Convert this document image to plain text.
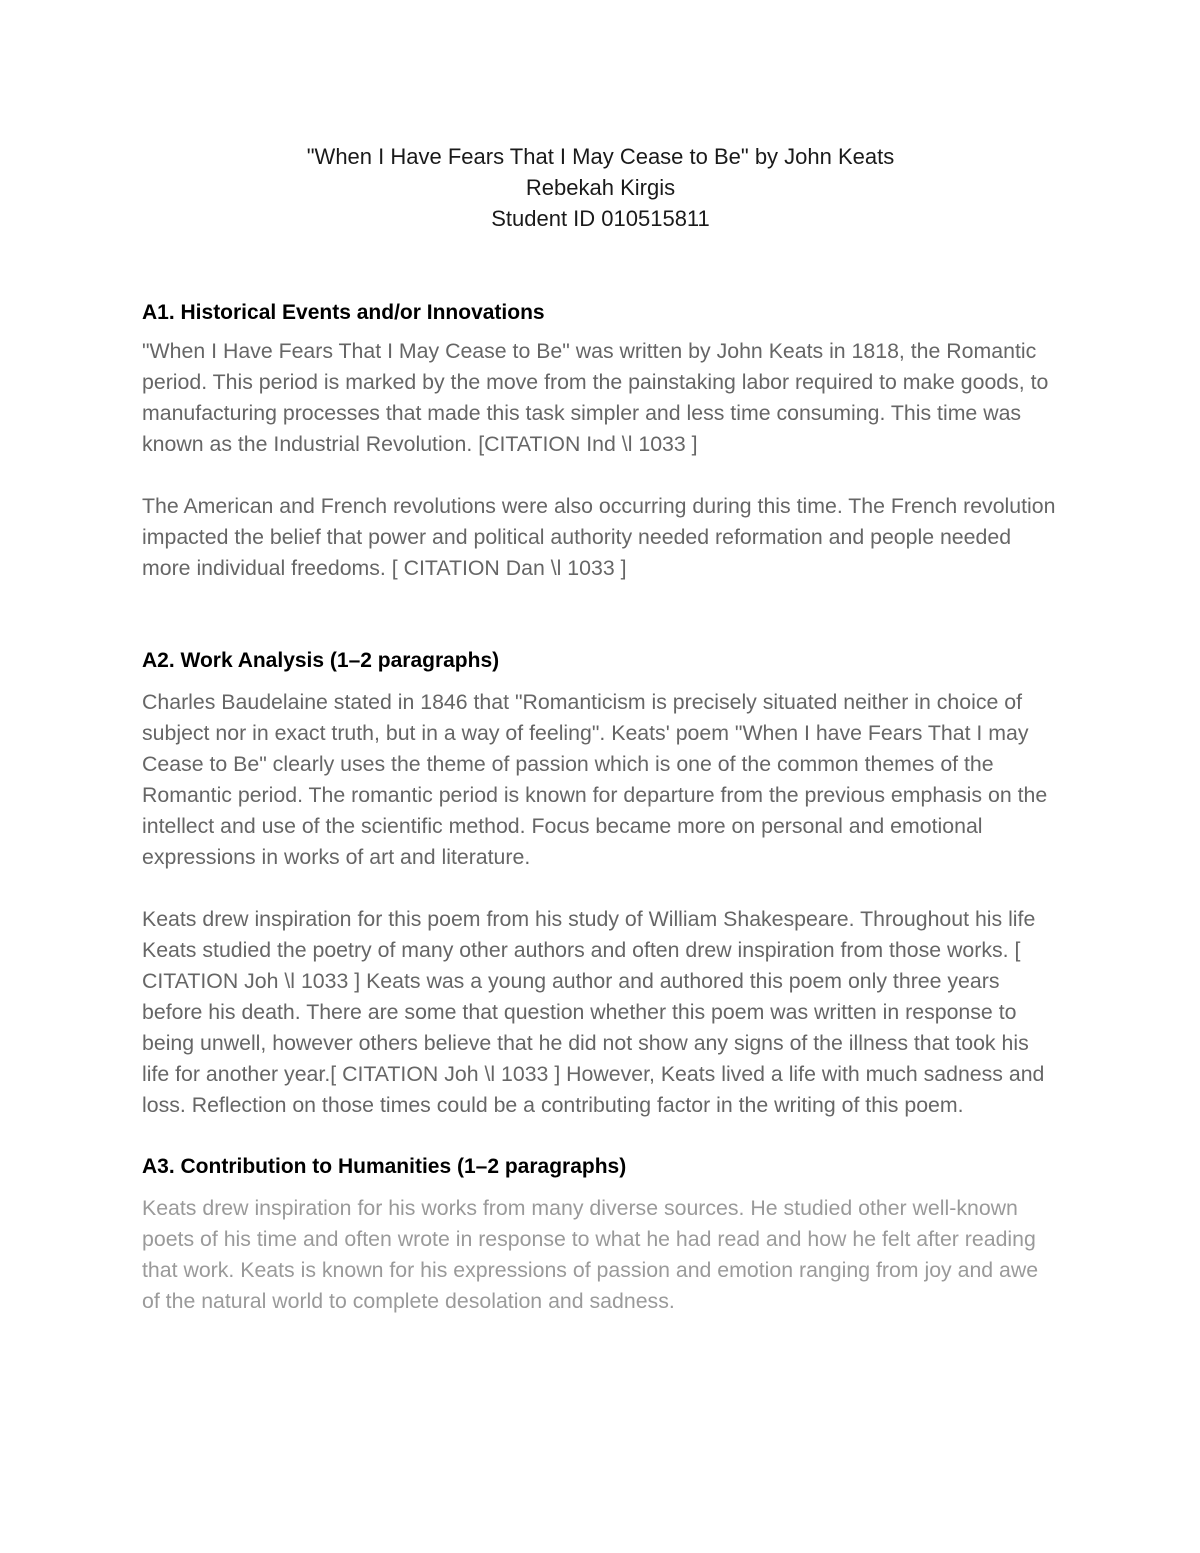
"When I Have Fears That I May Cease to Be" by John Keats
Rebekah Kirgis
Student ID 010515811
A1. Historical Events and/or Innovations

"When I Have Fears That I May Cease to Be" was written by John Keats in 1818, the Romantic period. This period is marked by the move from the painstaking labor required to make goods, to manufacturing processes that made this task simpler and less time consuming. This time was known as the Industrial Revolution. [CITATION Ind \l 1033 ]

The American and French revolutions were also occurring during this time. The French revolution impacted the belief that power and political authority needed reformation and people needed more individual freedoms. [ CITATION Dan \l 1033 ]

A2. Work Analysis (1–2 paragraphs)

Charles Baudelaine stated in 1846 that "Romanticism is precisely situated neither in choice of subject nor in exact truth, but in a way of feeling". Keats' poem "When I have Fears That I may Cease to Be" clearly uses the theme of passion which is one of the common themes of the Romantic period. The romantic period is known for departure from the previous emphasis on the intellect and use of the scientific method. Focus became more on personal and emotional expressions in works of art and literature.

Keats drew inspiration for this poem from his study of William Shakespeare. Throughout his life Keats studied the poetry of many other authors and often drew inspiration from those works. [ CITATION Joh \l 1033 ] Keats was a young author and authored this poem only three years before his death. There are some that question whether this poem was written in response to being unwell, however others believe that he did not show any signs of the illness that took his life for another year.[ CITATION Joh \l 1033 ] However, Keats lived a life with much sadness and loss. Reflection on those times could be a contributing factor in the writing of this poem.

A3. Contribution to Humanities (1–2 paragraphs)

Keats drew inspiration for his works from many diverse sources. He studied other well-known poets of his time and often wrote in response to what he had read and how he felt after reading that work. Keats is known for his expressions of passion and emotion ranging from joy and awe of the natural world to complete desolation and sadness.
